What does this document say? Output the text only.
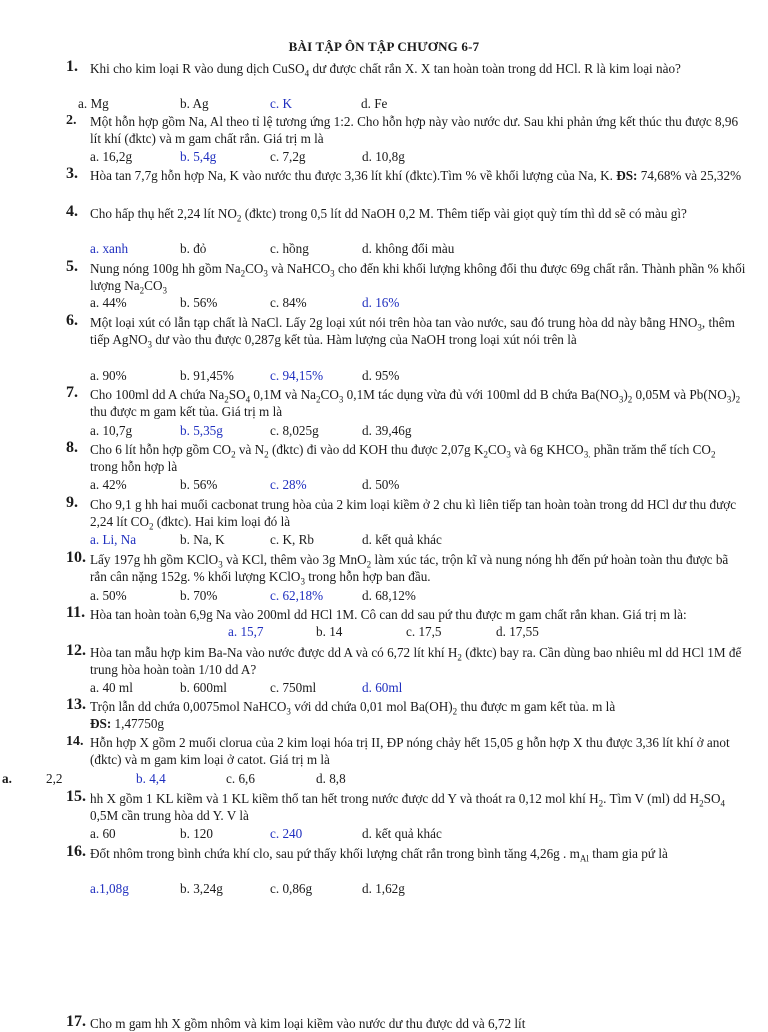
BÀI TẬP ÔN TẬP CHƯƠNG 6-7
1. Khi cho kim loại R vào dung dịch CuSO$_4$ dư được chất rắn X. X tan hoàn toàn trong dd HCl. R là kim loại nào?
a. Mg	b. Ag	c. K	d. Fe
2.	Một hỗn hợp gồm Na, Al theo tỉ lệ tương ứng 1:2. Cho hỗn hợp này vào nước dư. Sau khi phản ứng kết thúc thu được 8,96 lít khí (đktc) và m gam chất rắn. Giá trị m là
a. 16,2g	b. 5,4g	c. 7,2g	d. 10,8g
3. Hòa tan 7,7g hỗn hợp Na, K vào nước thu được 3,36 lít khí (đktc).Tìm % về khối lượng của Na, K. ĐS: 74,68% và 25,32%
4. Cho hấp thụ hết 2,24 lít $NO_2$ (đktc) trong 0,5 lít dd NaOH 0,2 M. Thêm tiếp vài giọt quỳ tím thì dd sẽ có màu gì?
a. xanh	b. đỏ	c. hồng	d. không đổi màu
5. Nung nóng 100g hh gồm $Na_2CO_3$ và NaHCO$_3$ cho đến khi khối lượng không đổi thu được 69g chất rắn. Thành phần % khối lượng $Na_2CO_3$
a. 44%	b. 56%	c. 84%	d. 16%
6. Một loại xút có lẫn tạp chất là NaCl. Lấy 2g loại xút nói trên hòa tan vào nước, sau đó trung hòa dd này bằng $HNO_3$, thêm tiếp AgNO$_3$ dư vào thu được 0,287g kết tủa. Hàm lượng của NaOH trong loại xút nói trên là
a. 90%	b. 91,45%	c. 94,15%	d. 95%
7. Cho 100ml dd A chứa $Na_2SO_4$ 0,1M và $Na_2CO_3$ 0,1M tác dụng vừa đủ với 100ml dd B chứa $Ba(NO_3)_2$ 0,05M và $Pb(NO_3)_2$ thu được m gam kết tủa. Giá trị m là
a. 10,7g	b. 5,35g	c. 8,025g	d. 39,46g
8. Cho 6 lít hỗn hợp gồm $CO_2$ và $N_2$ (đktc) đi vào dd KOH thu được 2,07g $K_2CO_3$ và 6g $KHCO_{3.}$ phần trăm thể tích $CO_2$ trong hỗn hợp là
a. 42%	b. 56%	c. 28%	d. 50%
9. Cho 9,1 g hh hai muối cacbonat trung hòa của 2 kim loại kiềm ở 2 chu kì liên tiếp tan hoàn toàn trong dd HCl dư thu được 2,24 lít $CO_2$ (đktc). Hai kim loại đó là
a. Li, Na	b. Na, K	c. K, Rb	d. kết quả khác
10. Lấy 197g hh gồm KClO$_3$ và KCl, thêm vào 3g MnO$_2$ làm xúc tác, trộn kĩ và nung nóng hh đến pứ hoàn toàn thu được bã rắn cân nặng 152g. % khối lượng KClO$_3$ trong hỗn hợp ban đầu.
a. 50%	b. 70%	c. 62,18%	d. 68,12%
11. Hòa tan hoàn toàn 6,9g Na vào 200ml dd HCl 1M. Cô can dd sau pứ thu được m gam chất rắn khan. Giá trị m là:
a. 15,7	b. 14	c. 17,5	d. 17,55
12. Hòa tan mẫu hợp kim Ba-Na vào nước được dd A và có 6,72 lít khí $H_2$ (đktc) bay ra. Cần dùng bao nhiêu ml dd HCl 1M để trung hòa hoàn toàn 1/10 dd A?
a. 40 ml	b. 600ml	c. 750ml	d. 60ml
13. Trộn lẫn dd chứa 0,0075mol NaHCO$_3$ với dd chứa 0,01 mol $Ba(OH)_2$ thu được m gam kết tủa. m là
ĐS: 1,47750g
14. Hỗn hợp X gồm 2 muối clorua của 2 kim loại hóa trị II, ĐP nóng chảy hết 15,05 g hỗn hợp X thu được 3,36 lít khí ở anot (đktc) và m gam kim loại ở catot. Giá trị m là
a.	2,2	b. 4,4	c. 6,6	d. 8,8
15. hh X gồm 1 KL kiềm và 1 KL kiềm thổ tan hết trong nước được dd Y và thoát ra 0,12 mol khí $H_2$. Tìm V (ml) dd $H_2SO_4$ 0,5M cần trung hòa dd Y. V là
a. 60	b. 120	c. 240	d. kết quả khác
16. Đốt nhôm trong bình chứa khí clo, sau pứ thấy khối lượng chất rắn trong bình tăng 4,26g . $m_{Al}$ tham gia pứ là
a.1,08g	b. 3,24g	c. 0,86g	d. 1,62g
17. Cho m gam hh X gồm nhôm và kim loại kiềm vào nước dư thu được dd và 6,72 lít
